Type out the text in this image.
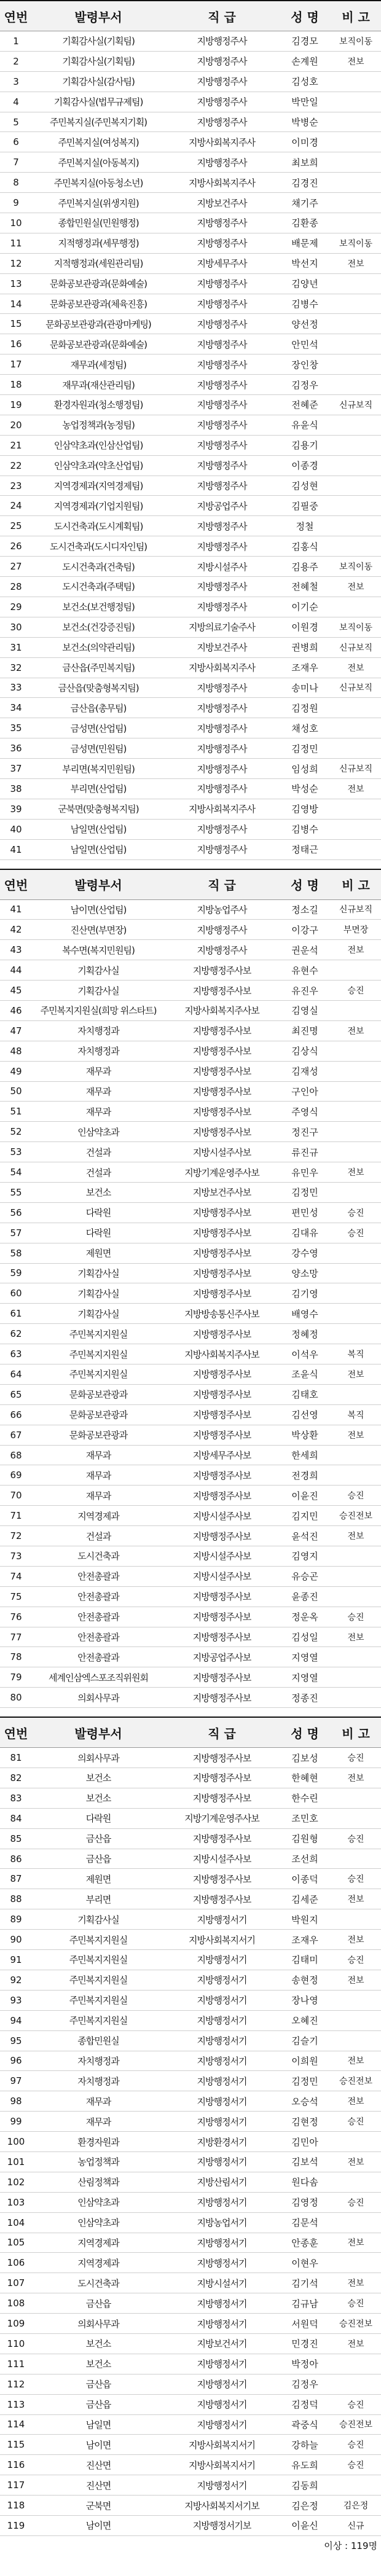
연번	발령부서	직 급	성 명	비 고
1	기획감사실(기획팀)	지방행정주사	김경모	보직이동
2	기획감사실(기획팀)	지방행정주사	손계원	전보
3	기획감사실(감사팀)	지방행정주사	김성호	
4	기획감사실(법무규제팀)	지방행정주사	박만일	
5	주민복지실(주민복지기획)	지방행정주사	박병순	
6	주민복지실(여성복지)	지방사회복지주사	이미경	
7	주민복지실(아동복지)	지방행정주사	최보희	
8	주민복지실(아동청소년)	지방사회복지주사	김경진	
9	주민복지실(위생지원)	지방보건주사	채기주	
10	종합민원실(민원행정)	지방행정주사	김환종	
11	지적행정과(세무행정)	지방행정주사	배문제	보직이동
12	지적행정과(세원관리팀)	지방세무주사	박선지	전보
13	문화공보관광과(문화예술)	지방행정주사	김양년	
14	문화공보관광과(체육진흥)	지방행정주사	김병수	
15	문화공보관광과(관광마케팅)	지방행정주사	양선정	
16	문화공보관광과(문화예술)	지방행정주사	안민석	
17	재무과(세정팀)	지방행정주사	장인창	
18	재무과(재산관리팀)	지방행정주사	김정우	
19	환경자원과(청소행정팀)	지방행정주사	전혜준	신규보직
20	농업정책과(농정팀)	지방행정주사	유윤식	
21	인삼약초과(인삼산업팀)	지방행정주사	김용기	
22	인삼약초과(약초산업팀)	지방행정주사	이종경	
23	지역경제과(지역경제팀)	지방행정주사	김성현	
24	지역경제과(기업지원팀)	지방공업주사	김필중	
25	도시건축과(도시계획팀)	지방행정주사	정철	
26	도시건축과(도시디자인팀)	지방행정주사	김홍식	
27	도시건축과(건축팀)	지방시설주사	김용주	보직이동
28	도시건축과(주택팀)	지방행정주사	전혜철	전보
29	보건소(보건행정팀)	지방행정주사	이기순	
30	보건소(건강증진팀)	지방의료기술주사	이원경	보직이동
31	보건소(의약관리팀)	지방보건주사	권병희	신규보직
32	금산읍(주민복지팀)	지방사회복지주사	조재우	전보
33	금산읍(맞춤형복지팀)	지방행정주사	송미나	신규보직
34	금산읍(총무팀)	지방행정주사	김정원	
35	금성면(산업팀)	지방행정주사	채성호	
36	금성면(민원팀)	지방행정주사	김정민	
37	부리면(복지민원팀)	지방행정주사	임성희	신규보직
38	부리면(산업팀)	지방행정주사	박성순	전보
39	군북면(맞춤형복지팀)	지방사회복지주사	김영방	
40	남일면(산업팀)	지방행정주사	김병수	
41	남일면(산업팀)	지방행정주사	정태근	
연번	발령부서	직 급	성 명	비 고
41	남이면(산업팀)	지방농업주사	정소길	신규보직
42	진산면(부면장)	지방행정주사	이강구	부면장
43	복수면(복지민원팀)	지방행정주사	권운석	전보
44	기획감사실	지방행정주사보	유현수	
45	기획감사실	지방행정주사보	유진우	승진
46	주민복지지원실(희망 위스타트)	지방사회복지주사보	김영실	
47	자치행정과	지방행정주사보	최진명	전보
48	자치행정과	지방행정주사보	김상식	
49	재무과	지방행정주사보	김재성	
50	재무과	지방행정주사보	구인아	
51	재무과	지방행정주사보	주영식	
52	인삼약초과	지방행정주사보	정진구	
53	건설과	지방시설주사보	류진규	
54	건설과	지방기계운영주사보	유민우	전보
55	보건소	지방보건주사보	김정민	
56	다락원	지방행정주사보	편민성	승진
57	다락원	지방행정주사보	김대유	승진
58	제원면	지방행정주사보	강수영	
59	기획감사실	지방행정주사보	양소망	
60	기획감사실	지방행정주사보	김기영	
61	기획감사실	지방방송통신주사보	배영수	
62	주민복지지원실	지방행정주사보	정혜정	
63	주민복지지원실	지방사회복지주사보	이석우	복직
64	주민복지지원실	지방행정주사보	조윤식	전보
65	문화공보관광과	지방행정주사보	김태호	
66	문화공보관광과	지방행정주사보	김선영	복직
67	문화공보관광과	지방행정주사보	박상환	전보
68	재무과	지방세무주사보	한세희	
69	재무과	지방행정주사보	전경희	
70	재무과	지방행정주사보	이윤진	승진
71	지역경제과	지방시설주사보	김지민	승진전보
72	건설과	지방행정주사보	윤석진	전보
73	도시건축과	지방시설주사보	김영지	
74	안전총괄과	지방시설주사보	유승곤	
75	안전총괄과	지방행정주사보	윤종진	
76	안전총괄과	지방행정주사보	정운옥	승진
77	안전총괄과	지방행정주사보	김성일	전보
78	안전총괄과	지방공업주사보	지영열	
79	세계인삼엑스포조직위원회	지방행정주사보	지영열	
80	의회사무과	지방행정주사보	정종진	
연번	발령부서	직 급	성 명	비 고
81	의회사무과	지방행정주사보	김보성	승진
82	보건소	지방행정주사보	한혜현	전보
83	보건소	지방행정주사보	한수린	
84	다락원	지방기계운영주사보	조민호	
85	금산읍	지방행정주사보	김원형	승진
86	금산읍	지방시설주사보	조선희	
87	제원면	지방행정주사보	이종덕	승진
88	부리면	지방행정주사보	김세준	전보
89	기획감사실	지방행정서기	박원지	
90	주민복지지원실	지방사회복지서기	조재우	전보
91	주민복지지원실	지방행정서기	김태미	승진
92	주민복지지원실	지방행정서기	송현정	전보
93	주민복지지원실	지방행정서기	장나영	
94	주민복지지원실	지방행정서기	오혜진	
95	종합민원실	지방행정서기	김슬기	
96	자치행정과	지방행정서기	이희원	전보
97	자치행정과	지방행정서기	김정민	승진전보
98	재무과	지방행정서기	오승석	전보
99	재무과	지방행정서기	김현정	승진
100	환경자원과	지방환경서기	김민아	
101	농업정책과	지방행정서기	김보석	전보
102	산림정책과	지방산림서기	원다솜	
103	인삼약초과	지방행정서기	김영정	승진
104	인삼약초과	지방농업서기	김문석	
105	지역경제과	지방행정서기	안종훈	전보
106	지역경제과	지방행정서기	이현우	
107	도시건축과	지방시설서기	김기석	전보
108	금산읍	지방행정서기	김규남	승진
109	의회사무과	지방행정서기	서원덕	승진전보
110	보건소	지방보건서기	민경진	전보
111	보건소	지방행정서기	박정아	
112	금산읍	지방행정서기	김정우	
113	금산읍	지방행정서기	김정덕	승진
114	남일면	지방행정서기	곽중식	승진전보
115	남이면	지방사회복지서기	강하늘	승진
116	진산면	지방사회복지서기	유도희	승진
117	진산면	지방행정서기	김동희	
118	군북면	지방사회복지서기보	김은정	김은정
119	남이면	지방행정서기보	이윤신	신규
이상 : 119명
